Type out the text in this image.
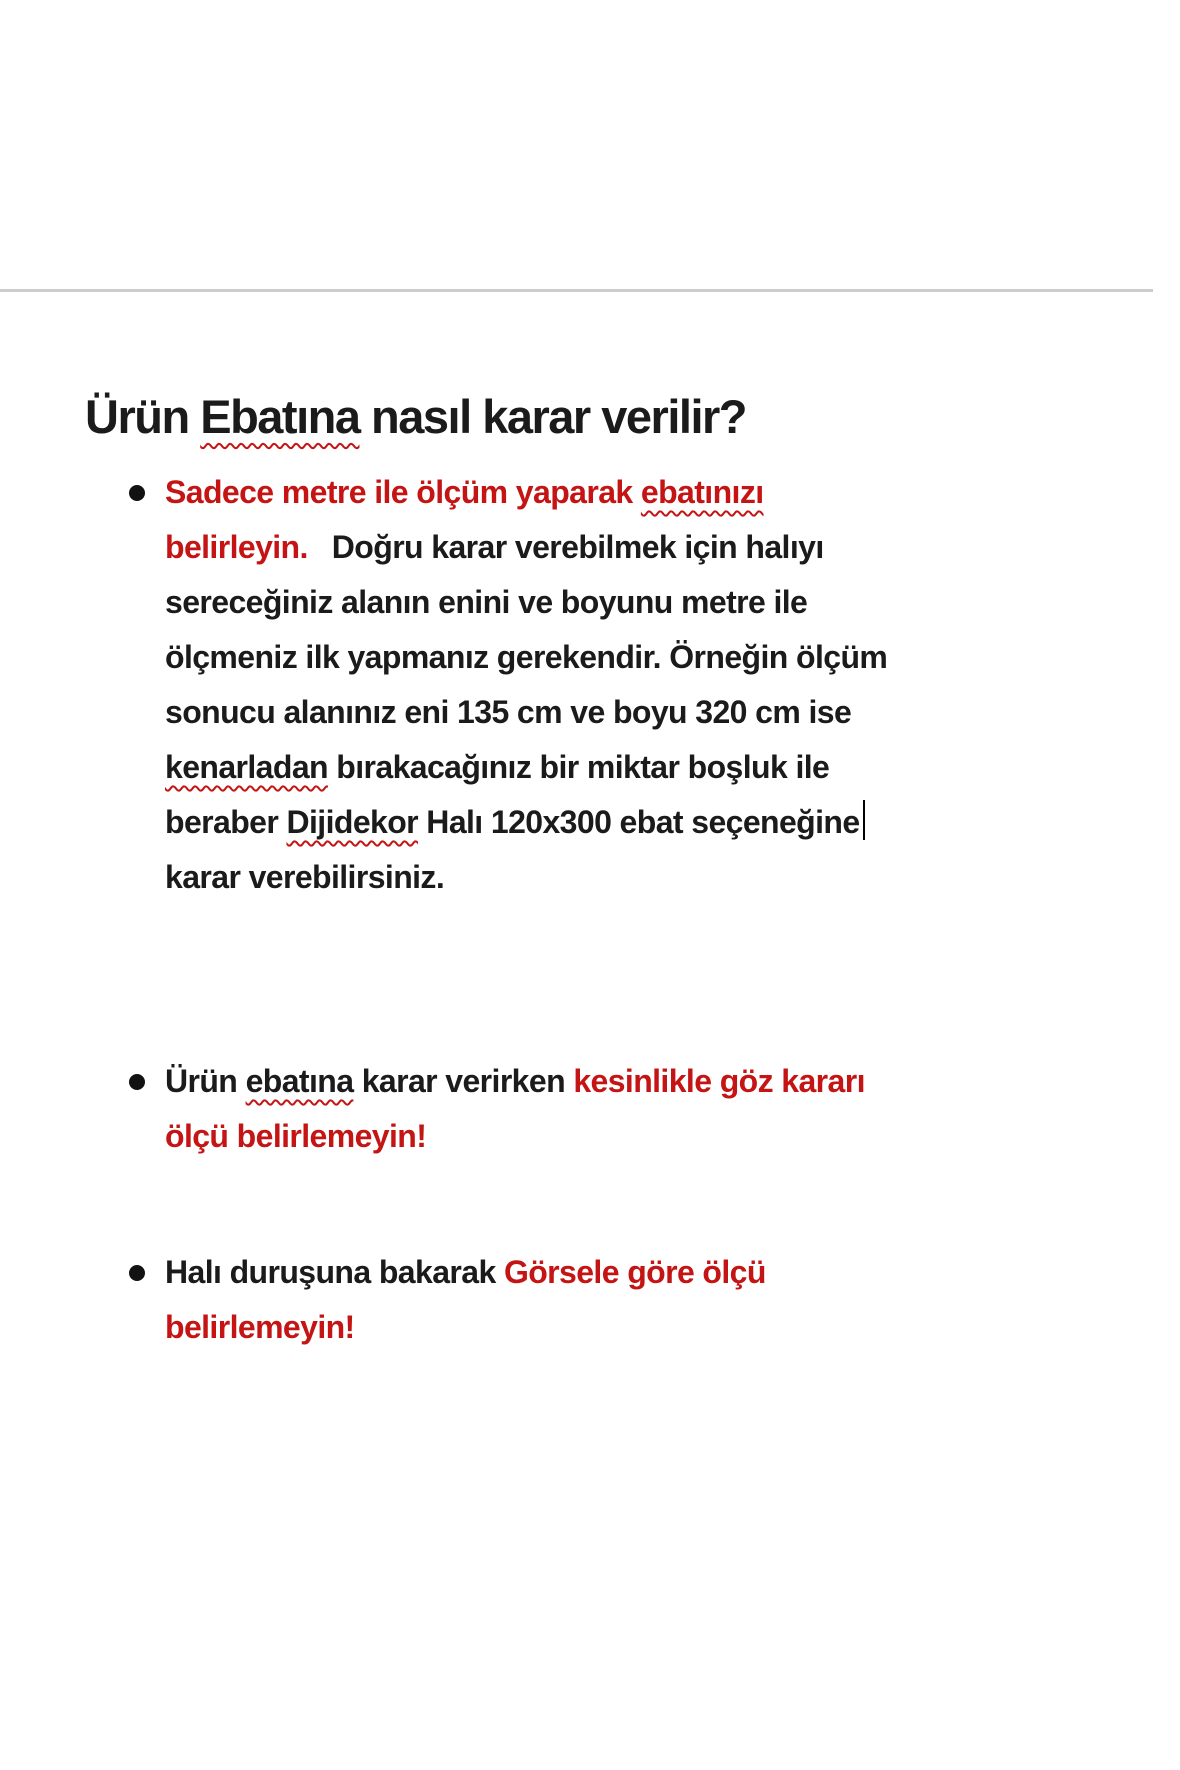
Ürün Ebatına nasıl karar verilir?
Sadece metre ile ölçüm yaparak ebatınızı
belirleyin. Doğru karar verebilmek için halıyı
sereceğiniz alanın enini ve boyunu metre ile
ölçmeniz ilk yapmanız gerekendir. Örneğin ölçüm
sonucu alanınız eni 135 cm ve boyu 320 cm ise
kenarladan bırakacağınız bir miktar boşluk ile
beraber Dijidekor Halı 120x300 ebat seçeneğine
karar verebilirsiniz.
Ürün ebatına karar verirken kesinlikle göz kararı
ölçü belirlemeyin!
Halı duruşuna bakarak Görsele göre ölçü
belirlemeyin!
